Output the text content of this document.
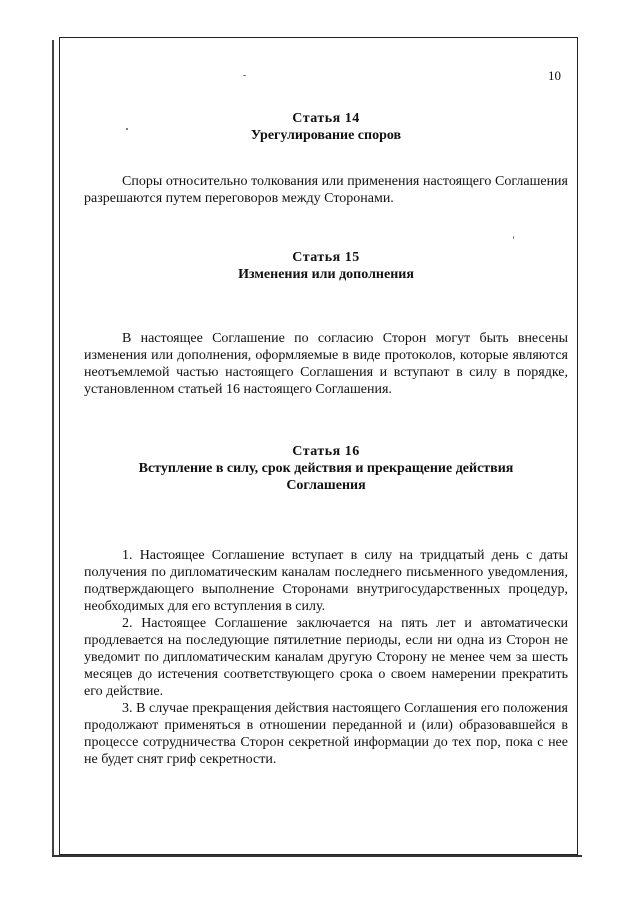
10
Статья 14
Урегулирование споров

Споры относительно толкования или применения настоящего Соглашения разрешаются путем переговоров между Сторонами.

Статья 15
Изменения или дополнения

В настоящее Соглашение по согласию Сторон могут быть внесены изменения или дополнения, оформляемые в виде протоколов, которые являются неотъемлемой частью настоящего Соглашения и вступают в силу в порядке, установленном статьей 16 настоящего Соглашения.

Статья 16
Вступление в силу, срок действия и прекращение действия
Соглашения

1. Настоящее Соглашение вступает в силу на тридцатый день с даты получения по дипломатическим каналам последнего письменного уведомления, подтверждающего выполнение Сторонами внутригосударственных процедур, необходимых для его вступления в силу.

2. Настоящее Соглашение заключается на пять лет и автоматически продлевается на последующие пятилетние периоды, если ни одна из Сторон не уведомит по дипломатическим каналам другую Сторону не менее чем за шесть месяцев до истечения соответствующего срока о своем намерении прекратить его действие.

3. В случае прекращения действия настоящего Соглашения его положения продолжают применяться в отношении переданной и (или) образовавшейся в процессе сотрудничества Сторон секретной информации до тех пор, пока с нее не будет снят гриф секретности.
